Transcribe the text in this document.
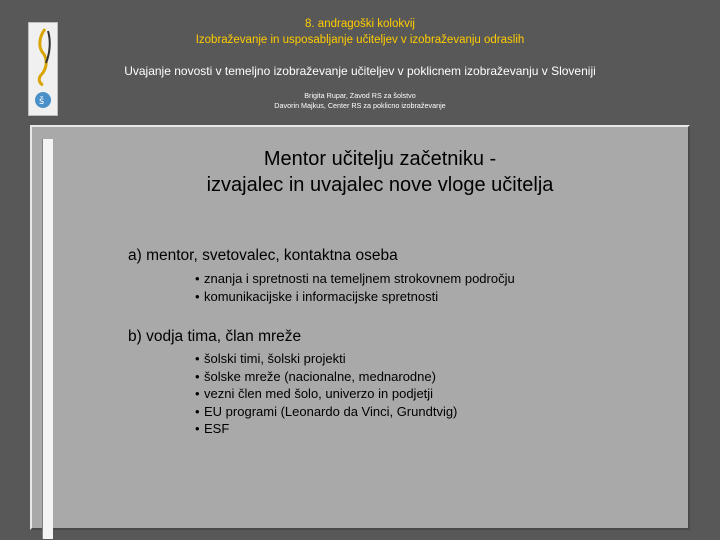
š
8. andragoški kolokvij
Izobraževanje in usposabljanje učiteljev v izobraževanju odraslih
Uvajanje novosti v temeljno izobraževanje učiteljev v poklicnem izobraževanju v Sloveniji
Brigita Rupar, Zavod RS za šolstvo
Davorin Majkus, Center RS za poklicno izobraževanje
Mentor učitelju začetniku -
izvajalec in uvajalec nove vloge učitelja
a) mentor, svetovalec, kontaktna oseba
• znanja i spretnosti na temeljnem strokovnem področju
• komunikacijske i informacijske spretnosti
b) vodja tima, član mreže
• šolski timi, šolski projekti
• šolske mreže (nacionalne, mednarodne)
• vezni člen med šolo, univerzo in podjetji
• EU programi (Leonardo da Vinci, Grundtvig)
• ESF
